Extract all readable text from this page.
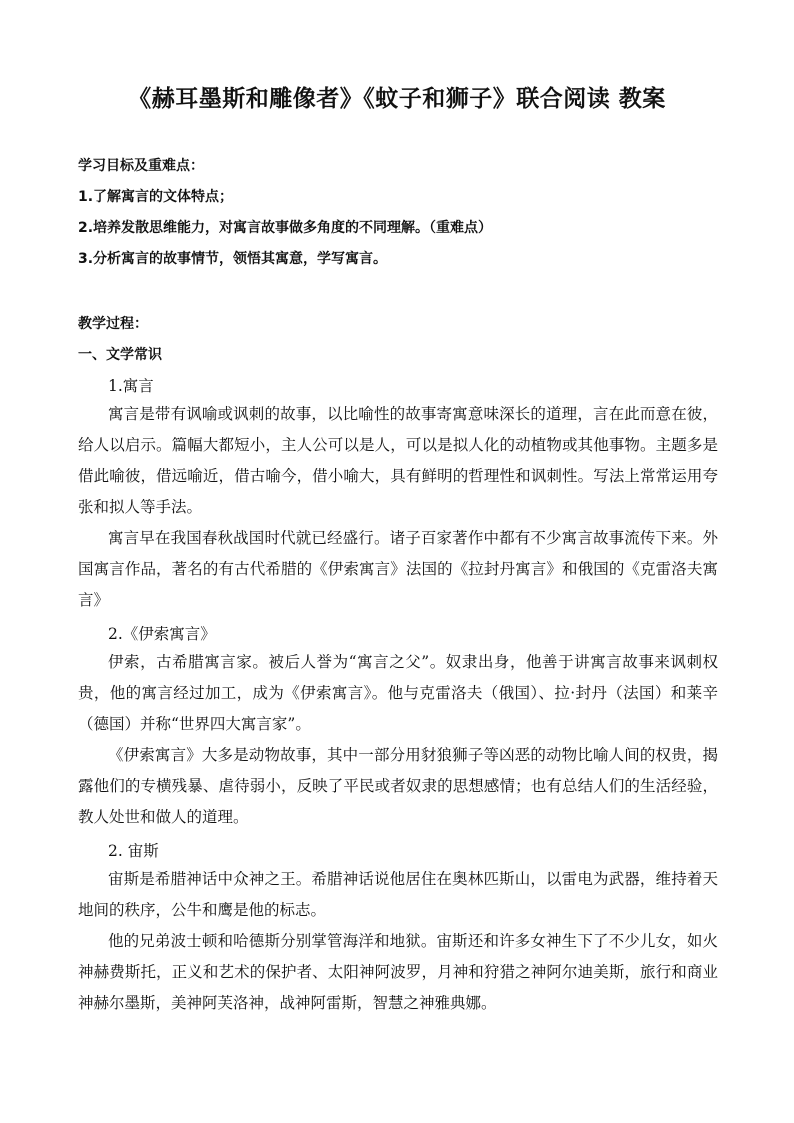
《赫耳墨斯和雕像者》《蚊子和狮子》联合阅读 教案
学习目标及重难点：
1.了解寓言的文体特点；
2.培养发散思维能力，对寓言故事做多角度的不同理解。（重难点）
3.分析寓言的故事情节，领悟其寓意，学写寓言。
教学过程：
一、文学常识
1.寓言
寓言是带有讽喻或讽刺的故事，以比喻性的故事寄寓意味深长的道理，言在此而意在彼，给人以启示。篇幅大都短小，主人公可以是人，可以是拟人化的动植物或其他事物。主题多是借此喻彼，借远喻近，借古喻今，借小喻大，具有鲜明的哲理性和讽刺性。写法上常常运用夸张和拟人等手法。
寓言早在我国春秋战国时代就已经盛行。诸子百家著作中都有不少寓言故事流传下来。外国寓言作品，著名的有古代希腊的《伊索寓言》法国的《拉封丹寓言》和俄国的《克雷洛夫寓言》
2.《伊索寓言》
伊索，古希腊寓言家。被后人誉为“寓言之父”。奴隶出身，他善于讲寓言故事来讽刺权贵，他的寓言经过加工，成为《伊索寓言》。他与克雷洛夫（俄国）、拉·封丹（法国）和莱辛（德国）并称“世界四大寓言家”。
《伊索寓言》大多是动物故事，其中一部分用豺狼狮子等凶恶的动物比喻人间的权贵，揭露他们的专横残暴、虐待弱小，反映了平民或者奴隶的思想感情；也有总结人们的生活经验，教人处世和做人的道理。
2. 宙斯
宙斯是希腊神话中众神之王。希腊神话说他居住在奥林匹斯山，以雷电为武器，维持着天地间的秩序，公牛和鹰是他的标志。
他的兄弟波士顿和哈德斯分别掌管海洋和地狱。宙斯还和许多女神生下了不少儿女，如火神赫费斯托，正义和艺术的保护者、太阳神阿波罗，月神和狩猎之神阿尔迪美斯，旅行和商业神赫尔墨斯，美神阿芙洛神，战神阿雷斯，智慧之神雅典娜。
